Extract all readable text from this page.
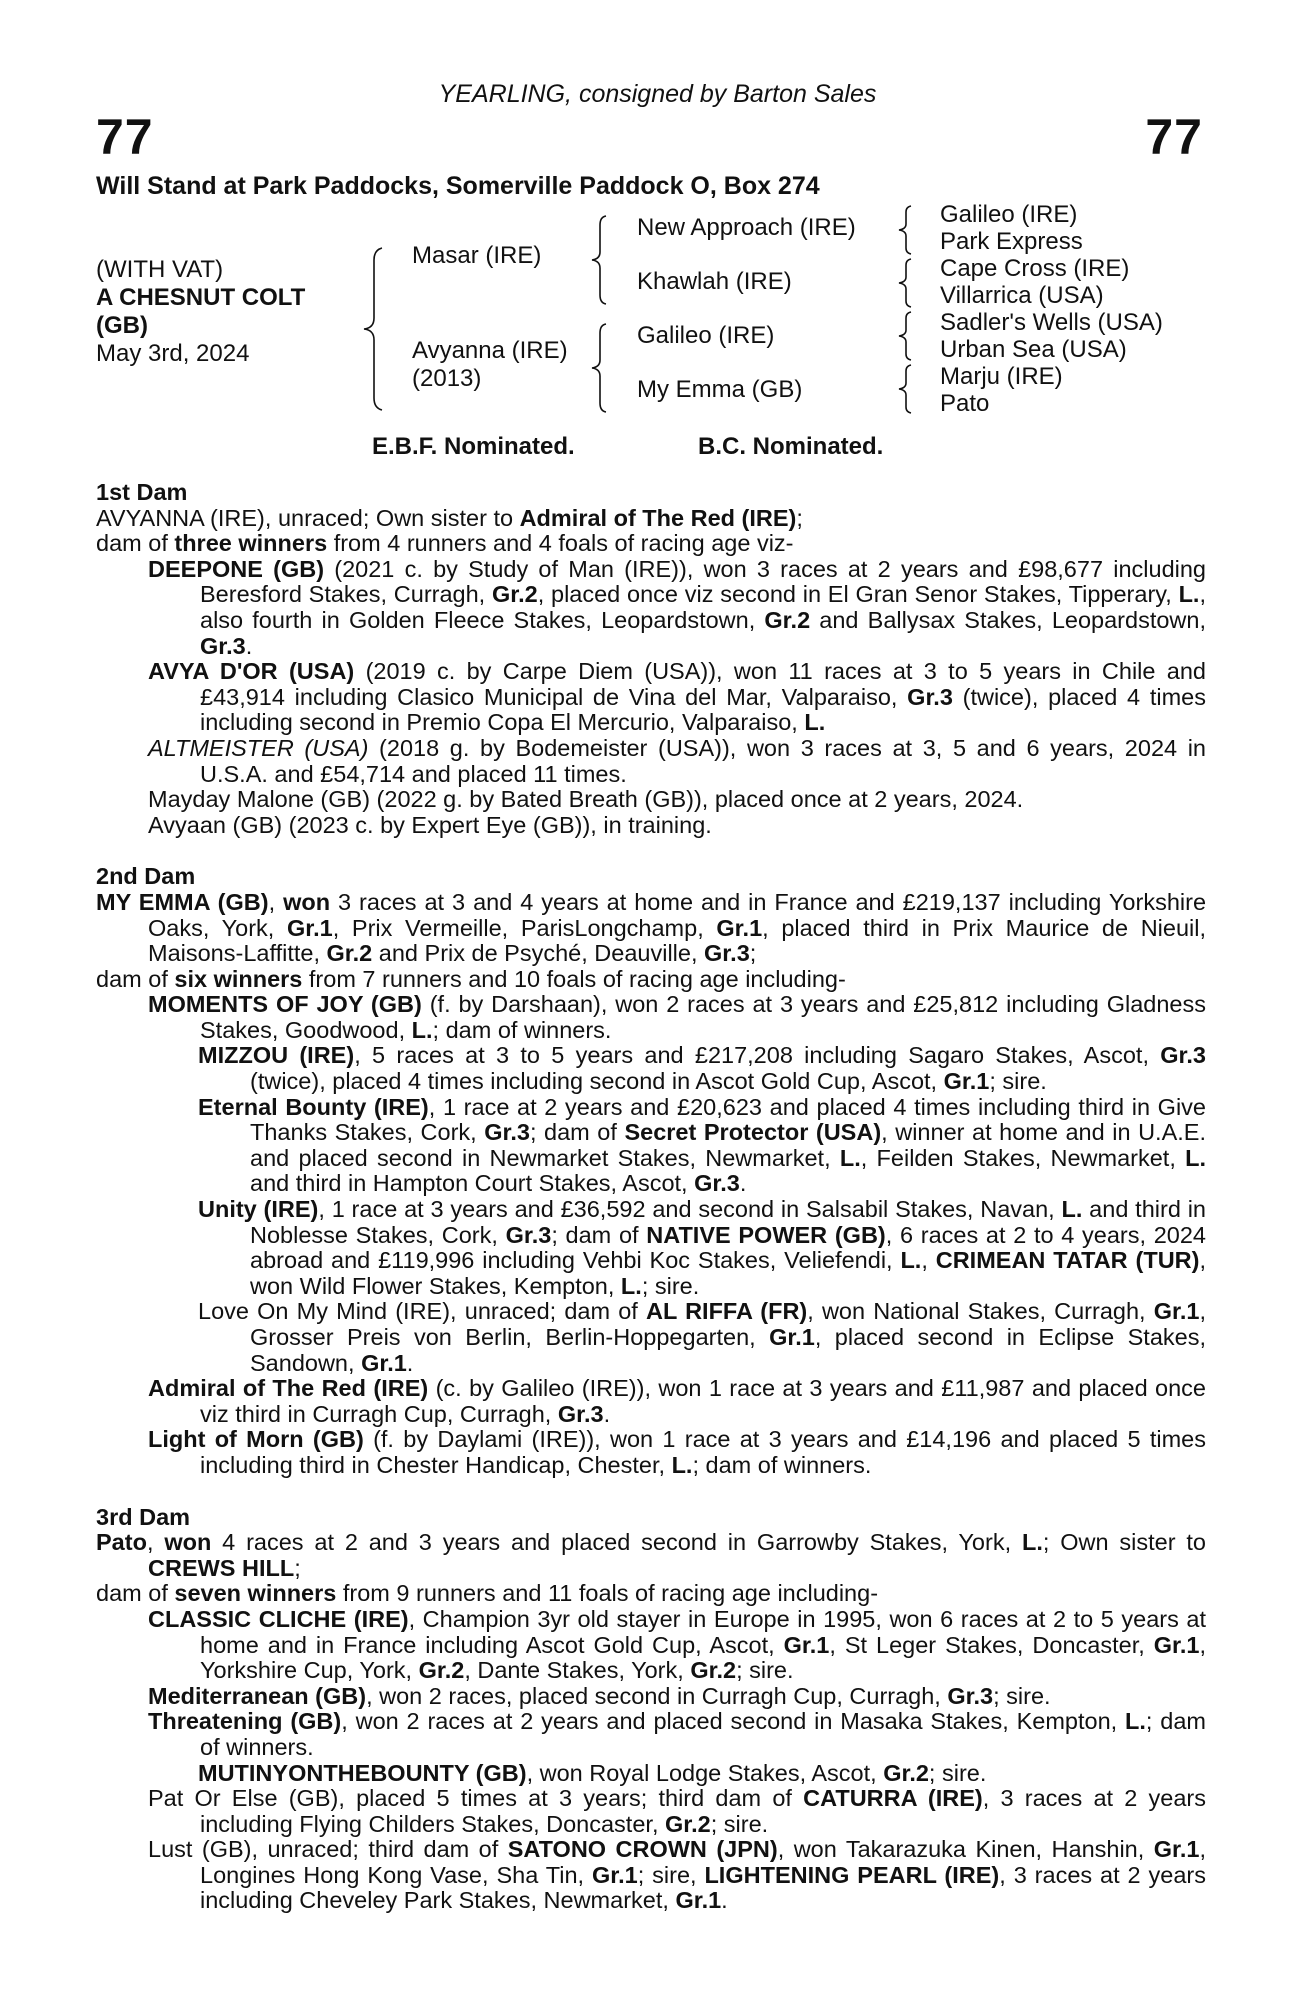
YEARLING, consigned by Barton Sales
77	77
Will Stand at Park Paddocks, Somerville Paddock O, Box 274
(WITH VAT)
A CHESNUT COLT
(GB)
May 3rd, 2024
Masar (IRE)
Avyanna (IRE)
(2013)
New Approach (IRE)
Khawlah (IRE)
Galileo (IRE)
My Emma (GB)
Galileo (IRE)
Park Express
Cape Cross (IRE)
Villarrica (USA)
Sadler's Wells (USA)
Urban Sea (USA)
Marju (IRE)
Pato
E.B.F. Nominated.	B.C. Nominated.

1st Dam

AVYANNA (IRE), unraced; Own sister to Admiral of The Red (IRE);

dam of three winners from 4 runners and 4 foals of racing age viz-

DEEPONE (GB) (2021 c. by Study of Man (IRE)), won 3 races at 2 years and £98,677 including Beresford Stakes, Curragh, Gr.2, placed once viz second in El Gran Senor Stakes, Tipperary, L., also fourth in Golden Fleece Stakes, Leopardstown, Gr.2 and Ballysax Stakes, Leopardstown, Gr.3.

AVYA D'OR (USA) (2019 c. by Carpe Diem (USA)), won 11 races at 3 to 5 years in Chile and £43,914 including Clasico Municipal de Vina del Mar, Valparaiso, Gr.3 (twice), placed 4 times including second in Premio Copa El Mercurio, Valparaiso, L.

ALTMEISTER (USA) (2018 g. by Bodemeister (USA)), won 3 races at 3, 5 and 6 years, 2024 in U.S.A. and £54,714 and placed 11 times.

Mayday Malone (GB) (2022 g. by Bated Breath (GB)), placed once at 2 years, 2024.

Avyaan (GB) (2023 c. by Expert Eye (GB)), in training.

2nd Dam

MY EMMA (GB), won 3 races at 3 and 4 years at home and in France and £219,137 including Yorkshire Oaks, York, Gr.1, Prix Vermeille, ParisLongchamp, Gr.1, placed third in Prix Maurice de Nieuil, Maisons-Laffitte, Gr.2 and Prix de Psyché, Deauville, Gr.3;

dam of six winners from 7 runners and 10 foals of racing age including-

MOMENTS OF JOY (GB) (f. by Darshaan), won 2 races at 3 years and £25,812 including Gladness Stakes, Goodwood, L.; dam of winners.

MIZZOU (IRE), 5 races at 3 to 5 years and £217,208 including Sagaro Stakes, Ascot, Gr.3 (twice), placed 4 times including second in Ascot Gold Cup, Ascot, Gr.1; sire.

Eternal Bounty (IRE), 1 race at 2 years and £20,623 and placed 4 times including third in Give Thanks Stakes, Cork, Gr.3; dam of Secret Protector (USA), winner at home and in U.A.E. and placed second in Newmarket Stakes, Newmarket, L., Feilden Stakes, Newmarket, L. and third in Hampton Court Stakes, Ascot, Gr.3.

Unity (IRE), 1 race at 3 years and £36,592 and second in Salsabil Stakes, Navan, L. and third in Noblesse Stakes, Cork, Gr.3; dam of NATIVE POWER (GB), 6 races at 2 to 4 years, 2024 abroad and £119,996 including Vehbi Koc Stakes, Veliefendi, L., CRIMEAN TATAR (TUR), won Wild Flower Stakes, Kempton, L.; sire.

Love On My Mind (IRE), unraced; dam of AL RIFFA (FR), won National Stakes, Curragh, Gr.1, Grosser Preis von Berlin, Berlin-Hoppegarten, Gr.1, placed second in Eclipse Stakes, Sandown, Gr.1.

Admiral of The Red (IRE) (c. by Galileo (IRE)), won 1 race at 3 years and £11,987 and placed once viz third in Curragh Cup, Curragh, Gr.3.

Light of Morn (GB) (f. by Daylami (IRE)), won 1 race at 3 years and £14,196 and placed 5 times including third in Chester Handicap, Chester, L.; dam of winners.

3rd Dam

Pato, won 4 races at 2 and 3 years and placed second in Garrowby Stakes, York, L.; Own sister to CREWS HILL;

dam of seven winners from 9 runners and 11 foals of racing age including-

CLASSIC CLICHE (IRE), Champion 3yr old stayer in Europe in 1995, won 6 races at 2 to 5 years at home and in France including Ascot Gold Cup, Ascot, Gr.1, St Leger Stakes, Doncaster, Gr.1, Yorkshire Cup, York, Gr.2, Dante Stakes, York, Gr.2; sire.

Mediterranean (GB), won 2 races, placed second in Curragh Cup, Curragh, Gr.3; sire.

Threatening (GB), won 2 races at 2 years and placed second in Masaka Stakes, Kempton, L.; dam of winners.

MUTINYONTHEBOUNTY (GB), won Royal Lodge Stakes, Ascot, Gr.2; sire.

Pat Or Else (GB), placed 5 times at 3 years; third dam of CATURRA (IRE), 3 races at 2 years including Flying Childers Stakes, Doncaster, Gr.2; sire.

Lust (GB), unraced; third dam of SATONO CROWN (JPN), won Takarazuka Kinen, Hanshin, Gr.1, Longines Hong Kong Vase, Sha Tin, Gr.1; sire, LIGHTENING PEARL (IRE), 3 races at 2 years including Cheveley Park Stakes, Newmarket, Gr.1.
